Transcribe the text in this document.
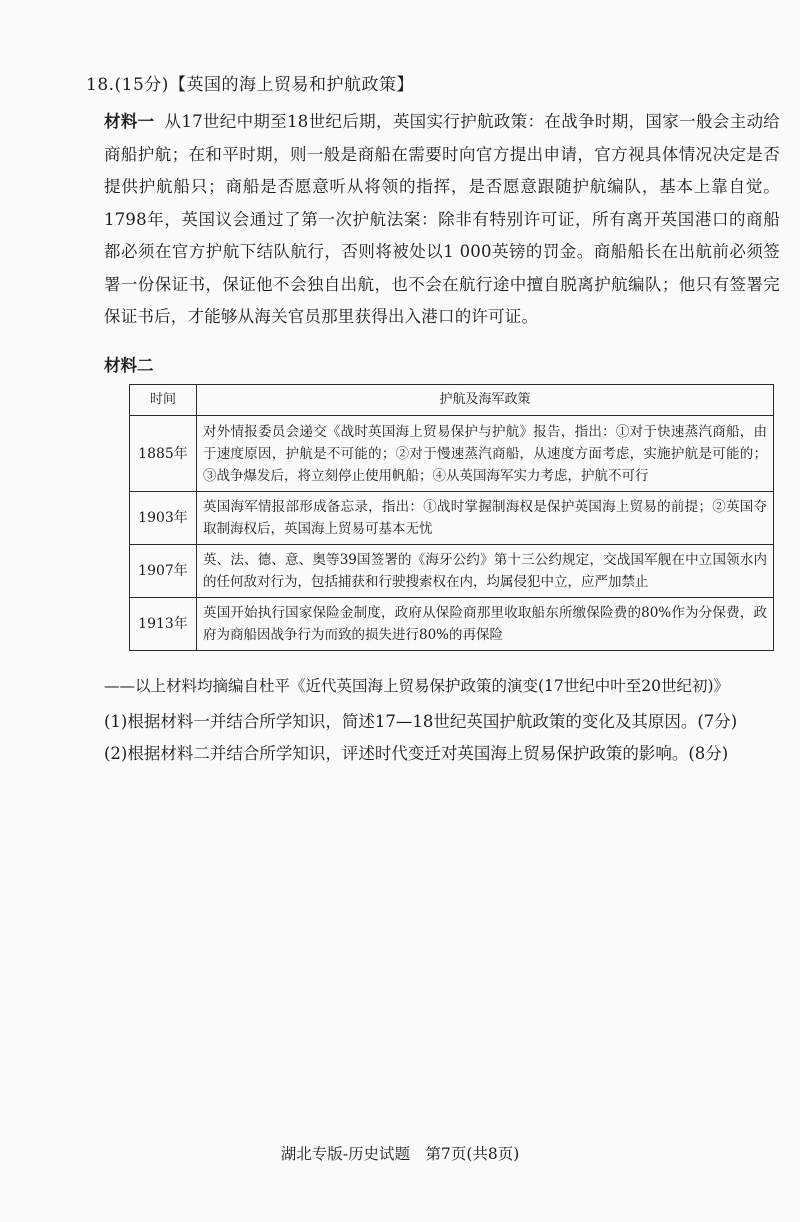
18.(15分)【英国的海上贸易和护航政策】
材料一 从17世纪中期至18世纪后期，英国实行护航政策：在战争时期，国家一般会主动给商船护航；在和平时期，则一般是商船在需要时向官方提出申请，官方视具体情况决定是否提供护航船只；商船是否愿意听从将领的指挥，是否愿意跟随护航编队，基本上靠自觉。1798年，英国议会通过了第一次护航法案：除非有特别许可证，所有离开英国港口的商船都必须在官方护航下结队航行，否则将被处以1 000英镑的罚金。商船船长在出航前必须签署一份保证书，保证他不会独自出航，也不会在航行途中擅自脱离护航编队；他只有签署完保证书后，才能够从海关官员那里获得出入港口的许可证。
材料二
时间	护航及海军政策
1885年	对外情报委员会递交《战时英国海上贸易保护与护航》报告，指出：①对于快速蒸汽商船，由于速度原因，护航是不可能的；②对于慢速蒸汽商船，从速度方面考虑，实施护航是可能的；③战争爆发后，将立刻停止使用帆船；④从英国海军实力考虑，护航不可行
1903年	英国海军情报部形成备忘录，指出：①战时掌握制海权是保护英国海上贸易的前提；②英国夺取制海权后，英国海上贸易可基本无忧
1907年	英、法、德、意、奥等39国签署的《海牙公约》第十三公约规定，交战国军舰在中立国领水内的任何敌对行为，包括捕获和行驶搜索权在内，均属侵犯中立，应严加禁止
1913年	英国开始执行国家保险金制度，政府从保险商那里收取船东所缴保险费的80%作为分保费，政府为商船因战争行为而致的损失进行80%的再保险
——以上材料均摘编自杜平《近代英国海上贸易保护政策的演变(17世纪中叶至20世纪初)》
(1)根据材料一并结合所学知识，简述17—18世纪英国护航政策的变化及其原因。(7分)
(2)根据材料二并结合所学知识，评述时代变迁对英国海上贸易保护政策的影响。(8分)
湖北专版-历史试题　第7页(共8页)
